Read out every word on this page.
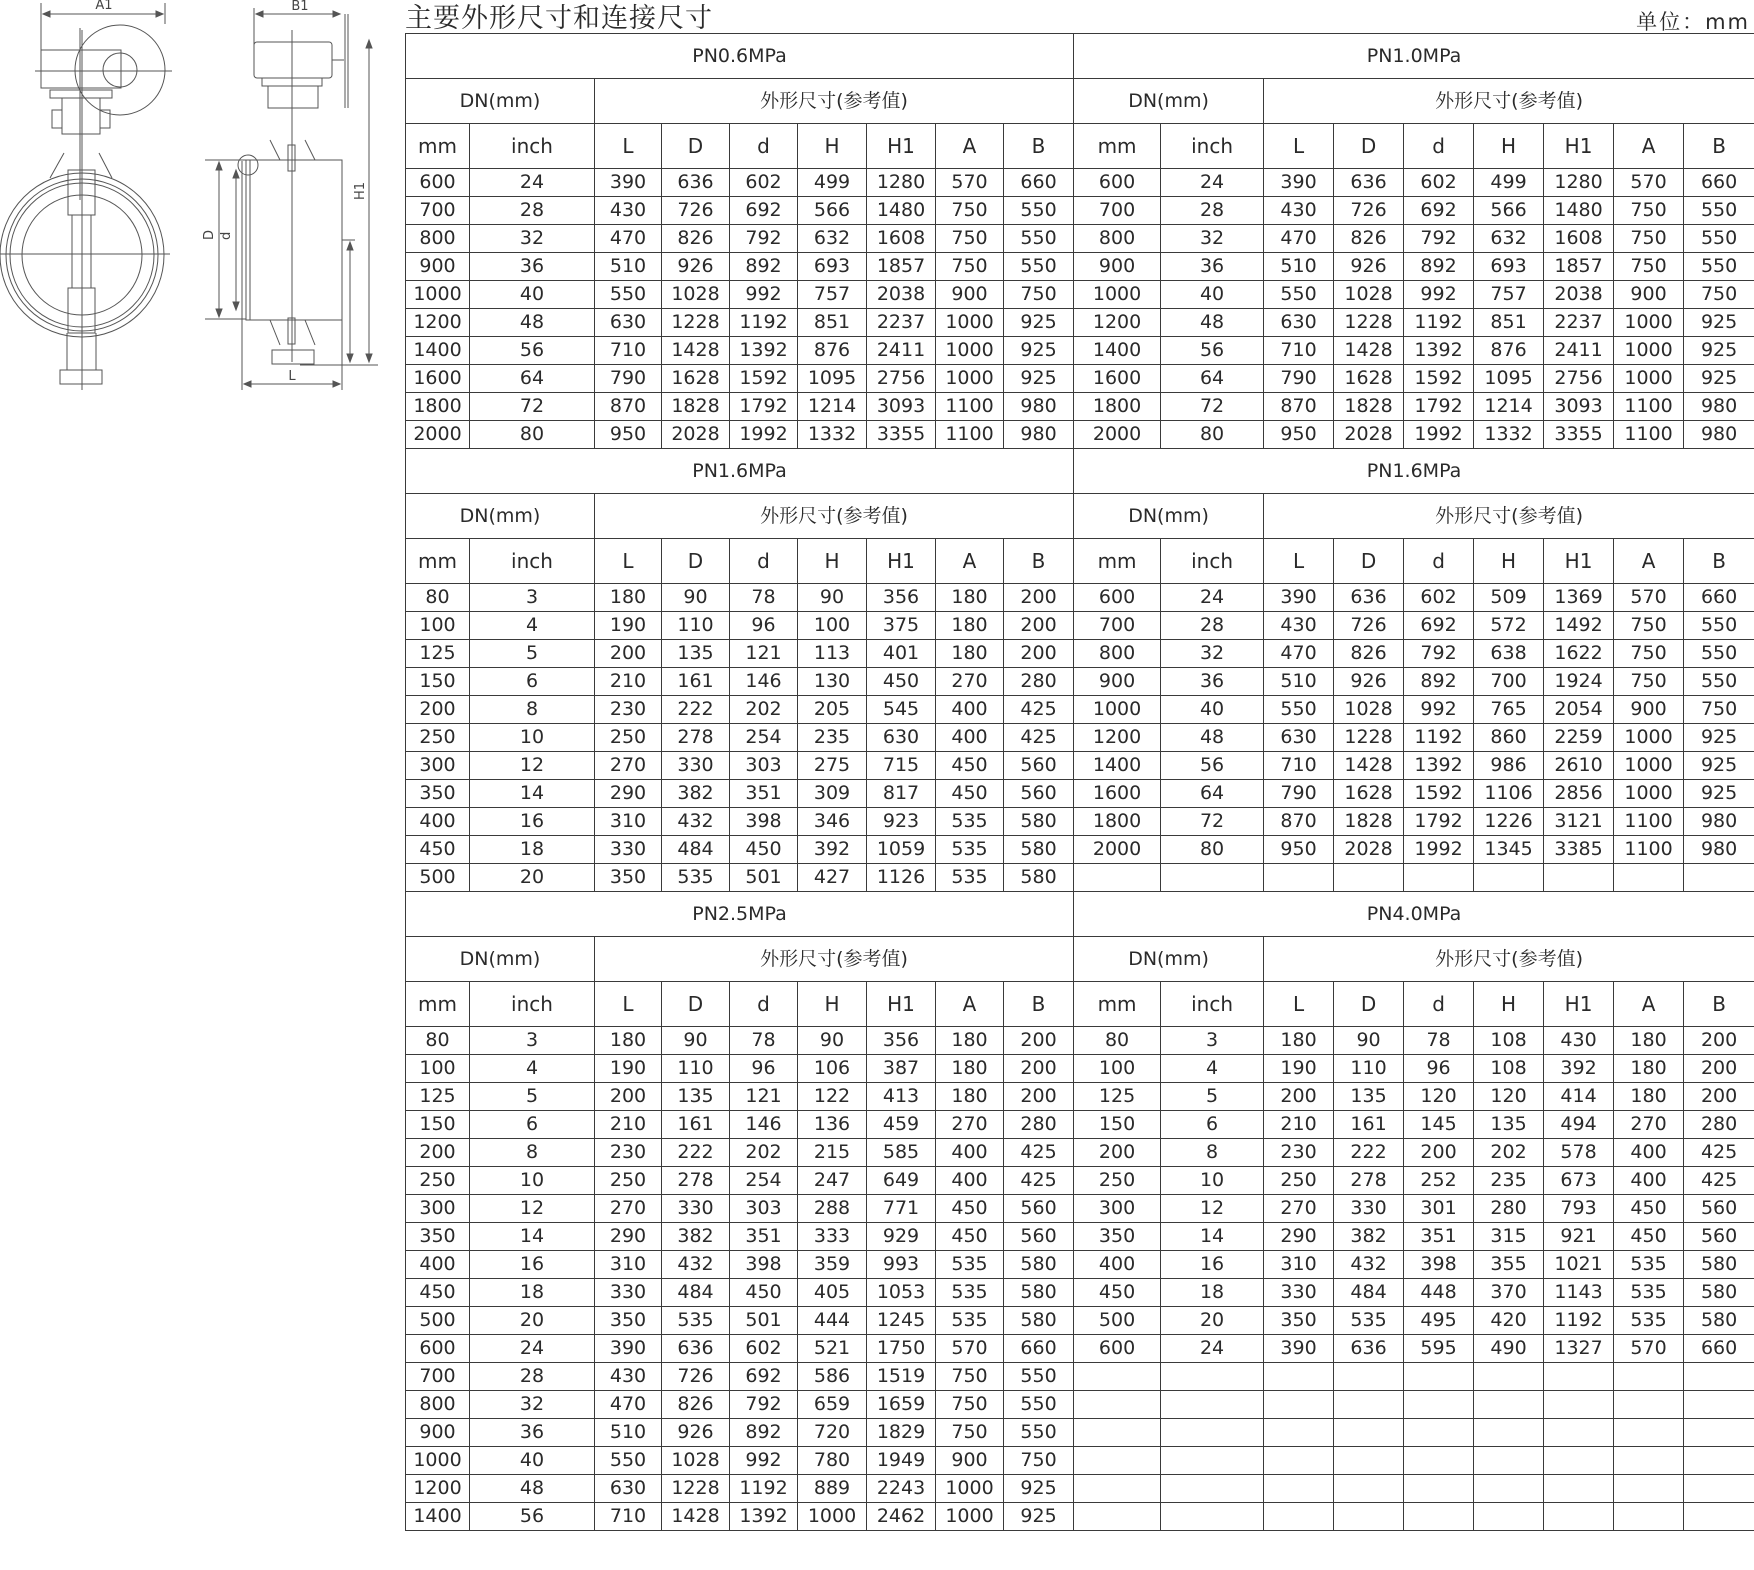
A1	B1
D d
H1
L
主要外形尺寸和连接尺寸	单位：mm
PN0.6MPa									PN1.0MPa								
DN(mm)		外形尺寸(参考值)							DN(mm)		外形尺寸(参考值)						
mm	inch	L	D	d	H	H1	A	B	mm	inch	L	D	d	H	H1	A	B
600	24	390	636	602	499	1280	570	660	600	24	390	636	602	499	1280	570	660
700	28	430	726	692	566	1480	750	550	700	28	430	726	692	566	1480	750	550
800	32	470	826	792	632	1608	750	550	800	32	470	826	792	632	1608	750	550
900	36	510	926	892	693	1857	750	550	900	36	510	926	892	693	1857	750	550
1000	40	550	1028	992	757	2038	900	750	1000	40	550	1028	992	757	2038	900	750
1200	48	630	1228	1192	851	2237	1000	925	1200	48	630	1228	1192	851	2237	1000	925
1400	56	710	1428	1392	876	2411	1000	925	1400	56	710	1428	1392	876	2411	1000	925
1600	64	790	1628	1592	1095	2756	1000	925	1600	64	790	1628	1592	1095	2756	1000	925
1800	72	870	1828	1792	1214	3093	1100	980	1800	72	870	1828	1792	1214	3093	1100	980
2000	80	950	2028	1992	1332	3355	1100	980	2000	80	950	2028	1992	1332	3355	1100	980
PN1.6MPa									PN1.6MPa								
DN(mm)		外形尺寸(参考值)							DN(mm)		外形尺寸(参考值)						
mm	inch	L	D	d	H	H1	A	B	mm	inch	L	D	d	H	H1	A	B
80	3	180	90	78	90	356	180	200	600	24	390	636	602	509	1369	570	660
100	4	190	110	96	100	375	180	200	700	28	430	726	692	572	1492	750	550
125	5	200	135	121	113	401	180	200	800	32	470	826	792	638	1622	750	550
150	6	210	161	146	130	450	270	280	900	36	510	926	892	700	1924	750	550
200	8	230	222	202	205	545	400	425	1000	40	550	1028	992	765	2054	900	750
250	10	250	278	254	235	630	400	425	1200	48	630	1228	1192	860	2259	1000	925
300	12	270	330	303	275	715	450	560	1400	56	710	1428	1392	986	2610	1000	925
350	14	290	382	351	309	817	450	560	1600	64	790	1628	1592	1106	2856	1000	925
400	16	310	432	398	346	923	535	580	1800	72	870	1828	1792	1226	3121	1100	980
450	18	330	484	450	392	1059	535	580	2000	80	950	2028	1992	1345	3385	1100	980
500	20	350	535	501	427	1126	535	580									
PN2.5MPa									PN4.0MPa								
DN(mm)		外形尺寸(参考值)							DN(mm)		外形尺寸(参考值)						
mm	inch	L	D	d	H	H1	A	B	mm	inch	L	D	d	H	H1	A	B
80	3	180	90	78	90	356	180	200	80	3	180	90	78	108	430	180	200
100	4	190	110	96	106	387	180	200	100	4	190	110	96	108	392	180	200
125	5	200	135	121	122	413	180	200	125	5	200	135	120	120	414	180	200
150	6	210	161	146	136	459	270	280	150	6	210	161	145	135	494	270	280
200	8	230	222	202	215	585	400	425	200	8	230	222	200	202	578	400	425
250	10	250	278	254	247	649	400	425	250	10	250	278	252	235	673	400	425
300	12	270	330	303	288	771	450	560	300	12	270	330	301	280	793	450	560
350	14	290	382	351	333	929	450	560	350	14	290	382	351	315	921	450	560
400	16	310	432	398	359	993	535	580	400	16	310	432	398	355	1021	535	580
450	18	330	484	450	405	1053	535	580	450	18	330	484	448	370	1143	535	580
500	20	350	535	501	444	1245	535	580	500	20	350	535	495	420	1192	535	580
600	24	390	636	602	521	1750	570	660	600	24	390	636	595	490	1327	570	660
700	28	430	726	692	586	1519	750	550									
800	32	470	826	792	659	1659	750	550									
900	36	510	926	892	720	1829	750	550									
1000	40	550	1028	992	780	1949	900	750									
1200	48	630	1228	1192	889	2243	1000	925									
1400	56	710	1428	1392	1000	2462	1000	925									
